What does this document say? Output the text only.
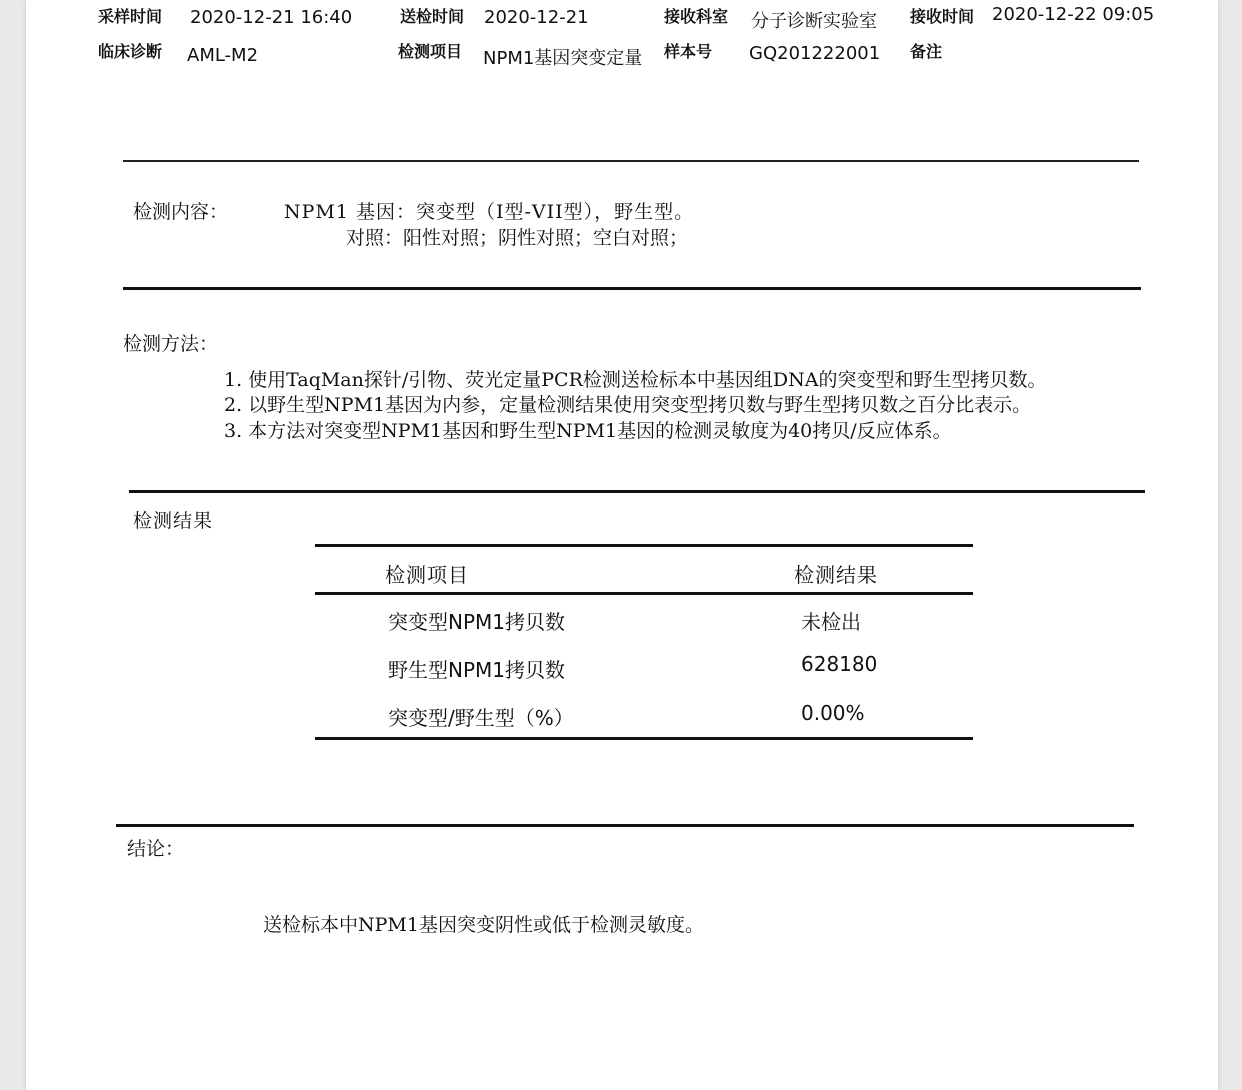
采样时间 2020-12-21 16:40	送检时间 2020-12-21	接收科室 分子诊断实验室 接收时间 2020-12-22 09:05
临床诊断 AML-M2	检测项目 NPM1基因突变定量 样本号 GQ201222001 备注
检测内容：	NPM1 基因：突变型（I型-VII型），野生型。
对照：阳性对照；阴性对照；空白对照；
检测方法：
1. 使用TaqMan探针/引物、荧光定量PCR检测送检标本中基因组DNA的突变型和野生型拷贝数。
2. 以野生型NPM1基因为内参，定量检测结果使用突变型拷贝数与野生型拷贝数之百分比表示。
3. 本方法对突变型NPM1基因和野生型NPM1基因的检测灵敏度为40拷贝/反应体系。
检测结果
检测项目	检测结果
突变型NPM1拷贝数	未检出
野生型NPM1拷贝数	628180
突变型/野生型（%）	0.00%
结论：
送检标本中NPM1基因突变阴性或低于检测灵敏度。
